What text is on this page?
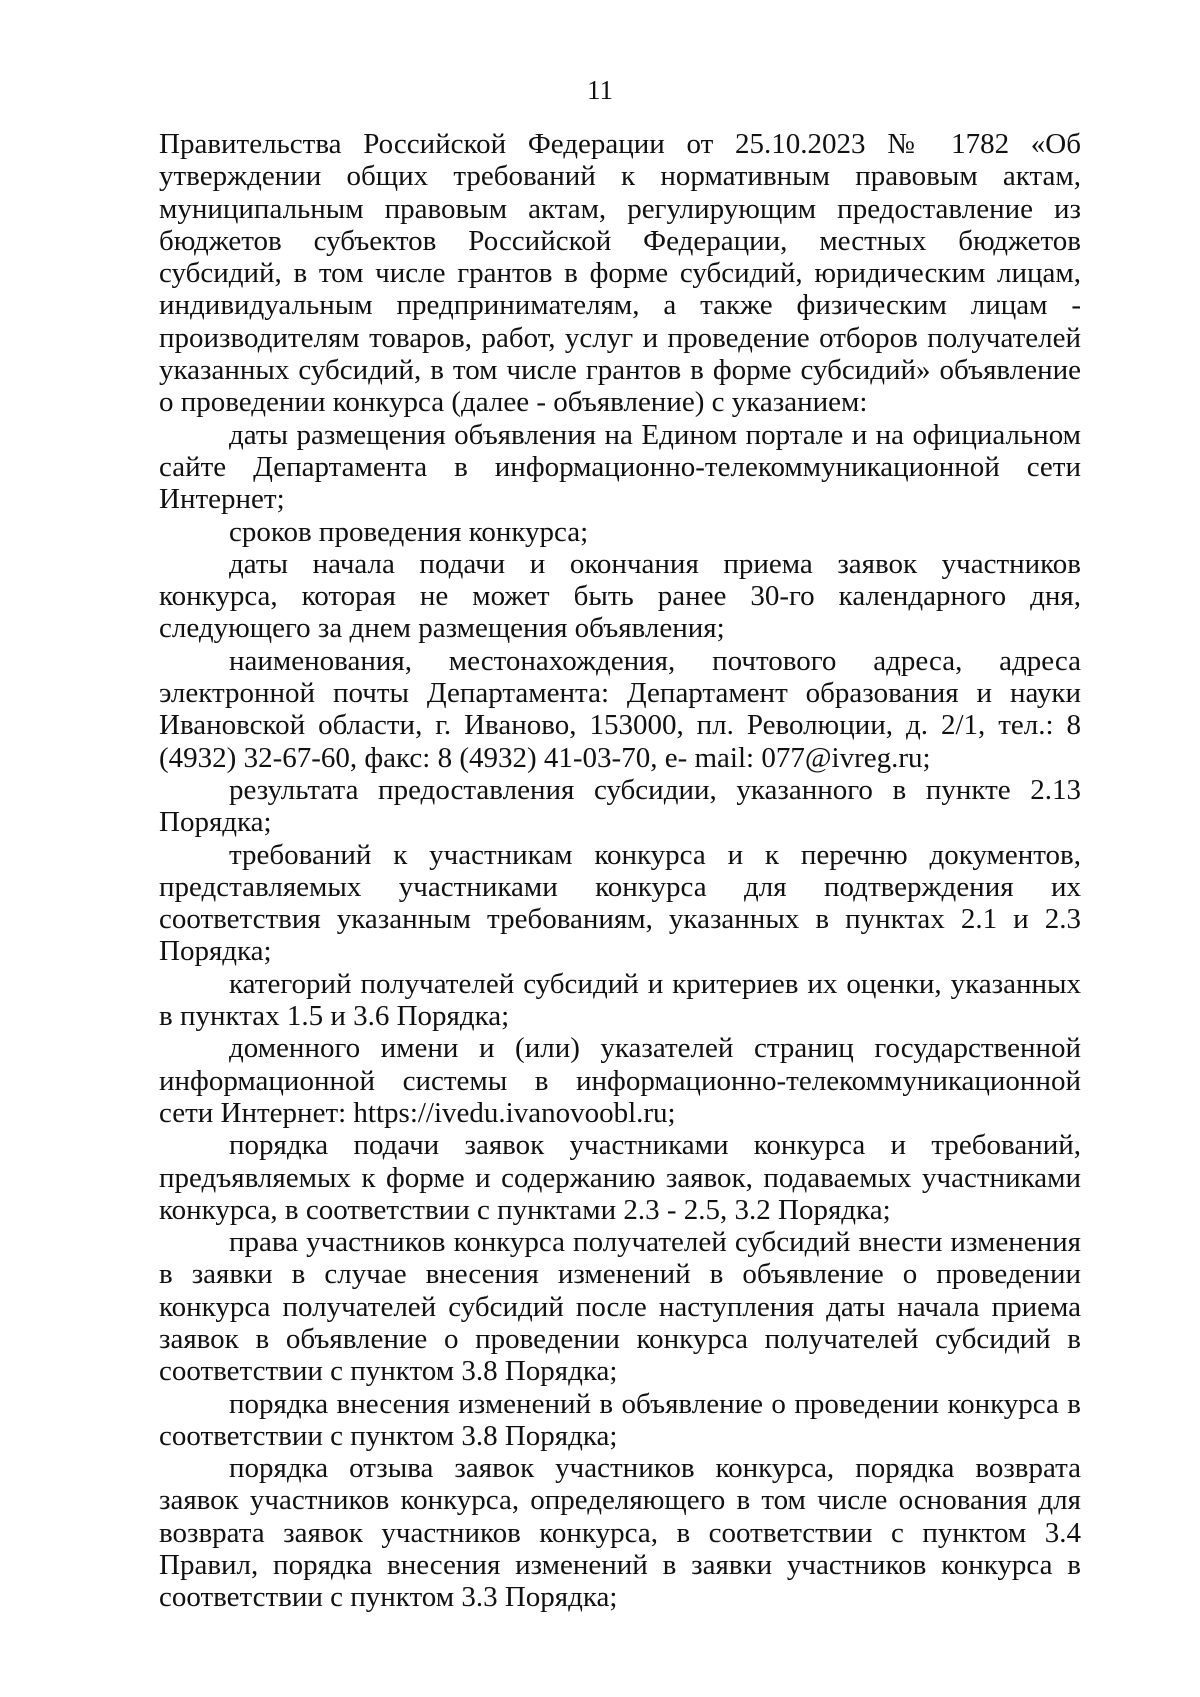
11

Правительства Российской Федерации от 25.10.2023 № 1782 «Об утверждении общих требований к нормативным правовым актам, муниципальным правовым актам, регулирующим предоставление из бюджетов субъектов Российской Федерации, местных бюджетов субсидий, в том числе грантов в форме субсидий, юридическим лицам, индивидуальным предпринимателям, а также физическим лицам - производителям товаров, работ, услуг и проведение отборов получателей указанных субсидий, в том числе грантов в форме субсидий» объявление о проведении конкурса (далее - объявление) с указанием:

даты размещения объявления на Едином портале и на официальном сайте Департамента в информационно-телекоммуникационной сети Интернет;

сроков проведения конкурса;

даты начала подачи и окончания приема заявок участников конкурса, которая не может быть ранее 30-го календарного дня, следующего за днем размещения объявления;

наименования, местонахождения, почтового адреса, адреса электронной почты Департамента: Департамент образования и науки Ивановской области, г. Иваново, 153000, пл. Революции, д. 2/1, тел.: 8 (4932) 32-67-60, факс: 8 (4932) 41-03-70, e- mail: 077@ivreg.ru;

результата предоставления субсидии, указанного в пункте 2.13 Порядка;

требований к участникам конкурса и к перечню документов, представляемых участниками конкурса для подтверждения их соответствия указанным требованиям, указанных в пунктах 2.1 и 2.3 Порядка;

категорий получателей субсидий и критериев их оценки, указанных в пунктах 1.5 и 3.6 Порядка;

доменного имени и (или) указателей страниц государственной информационной системы в информационно-телекоммуникационной сети Интернет: https://ivedu.ivanovoobl.ru;

порядка подачи заявок участниками конкурса и требований, предъявляемых к форме и содержанию заявок, подаваемых участниками конкурса, в соответствии с пунктами 2.3 - 2.5, 3.2 Порядка;

права участников конкурса получателей субсидий внести изменения в заявки в случае внесения изменений в объявление о проведении конкурса получателей субсидий после наступления даты начала приема заявок в объявление о проведении конкурса получателей субсидий в соответствии с пунктом 3.8 Порядка;

порядка внесения изменений в объявление о проведении конкурса в соответствии с пунктом 3.8 Порядка;

порядка отзыва заявок участников конкурса, порядка возврата заявок участников конкурса, определяющего в том числе основания для возврата заявок участников конкурса, в соответствии с пунктом 3.4 Правил, порядка внесения изменений в заявки участников конкурса в соответствии с пунктом 3.3 Порядка;
